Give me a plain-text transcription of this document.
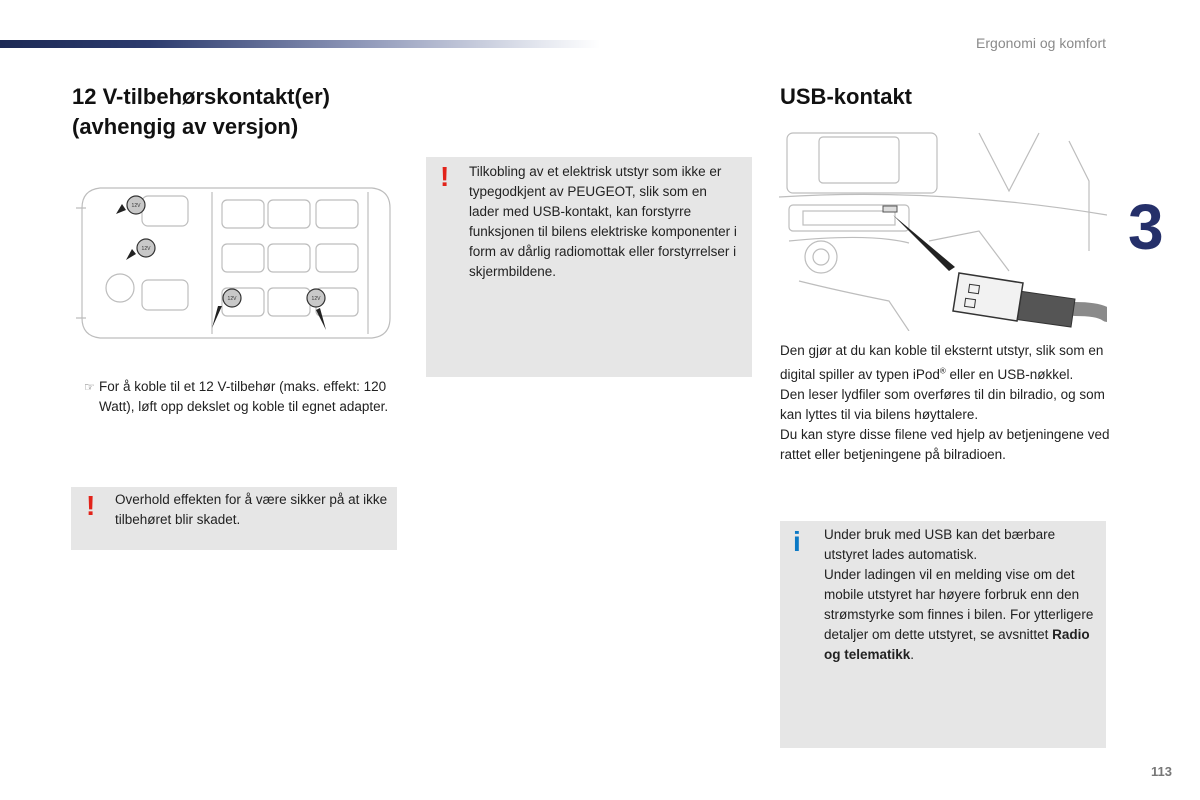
Ergonomi og komfort
3
113
12 V-tilbehørskontakt(er) (avhengig av versjon)
12V
12V
12V	12V
☞ For å koble til et 12 V-tilbehør (maks. effekt: 120 Watt), løft opp dekslet og koble til egnet adapter.
! Overhold effekten for å være sikker på at ikke tilbehøret blir skadet.
! Tilkobling av et elektrisk utstyr som ikke er typegodkjent av PEUGEOT, slik som en lader med USB-kontakt, kan forstyrre funksjonen til bilens elektriske komponenter i form av dårlig radiomottak eller forstyrrelser i skjermbildene.
USB-kontakt
Den gjør at du kan koble til eksternt utstyr, slik som en digital spiller av typen iPod® eller en USB-nøkkel.
Den leser lydfiler som overføres til din bilradio, og som kan lyttes til via bilens høyttalere.
Du kan styre disse filene ved hjelp av betjeningene ved rattet eller betjeningene på bilradioen.
i Under bruk med USB kan det bærbare utstyret lades automatisk.
Under ladingen vil en melding vise om det mobile utstyret har høyere forbruk enn den strømstyrke som finnes i bilen. For ytterligere detaljer om dette utstyret, se avsnittet Radio og telematikk.
